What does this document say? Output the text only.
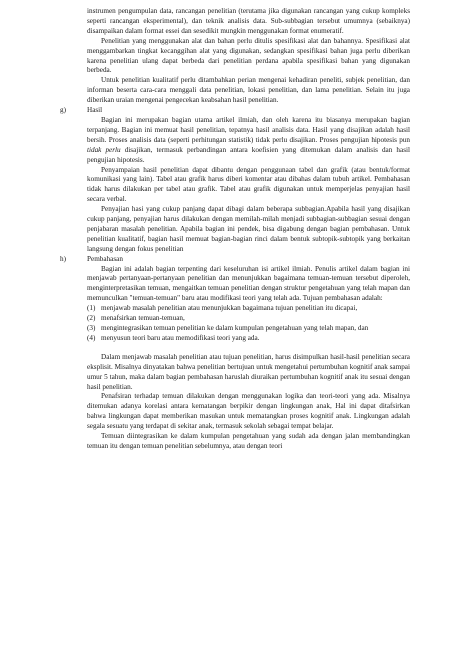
instrumen pengumpulan data, rancangan penelitian (terutama jika digunakan rancangan yang cukup kompleks seperti rancangan eksperimental), dan teknik analisis data. Sub-subbagian tersebut umumnya (sebaiknya) disampaikan dalam format essei dan sesedikit mungkin menggunakan format enumeratif.

Penelitian yang menggunakan alat dan bahan perlu ditulis spesifikasi alat dan bahannya. Spesifikasi alat menggambarkan tingkat kecanggihan alat yang digunakan, sedangkan spesifikasi bahan juga perlu diberikan karena penelitian ulang dapat berbeda dari penelitian perdana apabila spesifikasi bahan yang digunakan berbeda.

Untuk penelitian kualitatif perlu ditambahkan perian mengenai kehadiran peneliti, subjek penelitian, dan informan beserta cara-cara menggali data penelitian, lokasi penelitian, dan lama penelitian. Selain itu juga diberikan uraian mengenai pengecekan keabsahan hasil penelitian.

g)	Hasil

Bagian ini merupakan bagian utama artikel ilmiah, dan oleh karena itu biasanya merupakan bagian terpanjang. Bagian ini memuat hasil penelitian, tepatnya hasil analisis data. Hasil yang disajikan adalah hasil bersih. Proses analisis data (seperti perhitungan statistik) tidak perlu disajikan. Proses pengujian hipotesis pun tidak perlu disajikan, termasuk perbandingan antara koefisien yang ditemukan dalam analisis dan hasil pengujian hipotesis.

Penyampaian hasil penelitian dapat dibantu dengan penggunaan tabel dan grafik (atau bentuk/format komunikasi yang lain). Tabel atau grafik harus diberi komentar atau dibahas dalam tubuh artikel. Pembahasan tidak harus dilakukan per tabel atau grafik. Tabel atau grafik digunakan untuk memperjelas penyajian hasil secara verbal.

Penyajian hasi yang cukup panjang dapat dibagi dalam beberapa subbagian.Apabila hasil yang disajikan cukup panjang, penyajian harus dilakukan dengan memilah-milah menjadi subbagian-subbagian sesuai dengan penjabaran masalah penelitian. Apabila bagian ini pendek, bisa digabung dengan bagian pembahasan. Untuk penelitian kualitatif, bagian hasil memuat bagian-bagian rinci dalam bentuk subtopik-subtopik yang berkaitan langsung dengan fokus penelitian

h)	Pembahasan

Bagian ini adalah bagian terpenting dari keseluruhan isi artikel ilmiah. Penulis artikel dalam bagian ini menjawab pertanyaan-pertanyaan penelitian dan menunjukkan bagaimana temuan-temuan tersebut diperoleh, menginterpretasikan temuan, mengaitkan temuan penelitian dengan struktur pengetahuan yang telah mapan dan memunculkan "temuan-temuan" baru atau modifikasi teori yang telah ada. Tujuan pembahasan adalah:

(1) menjawab masalah penelitian atau menunjukkan bagaimana tujuan penelitian itu dicapai,
(2) menafsirkan temuan-temuan,
(3) mengintegrasikan temuan penelitian ke dalam kumpulan pengetahuan yang telah mapan, dan
(4) menyusun teori baru atau memodifikasi teori yang ada.

Dalam menjawab masalah penelitian atau tujuan penelitian, harus disimpulkan hasil-hasil penelitian secara eksplisit. Misalnya dinyatakan bahwa penelitian bertujuan untuk mengetahui pertumbuhan kognitif anak sampai umur 5 tahun, maka dalam bagian pembahasan haruslah diuraikan pertumbuhan kognitif anak itu sesuai dengan hasil penelitian.

Penafsiran terhadap temuan dilakukan dengan menggunakan logika dan teori-teori yang ada. Misalnya ditemukan adanya korelasi antara kematangan berpikir dengan lingkungan anak, Hal ini dapat ditafsirkan bahwa lingkungan dapat memberikan masukan untuk mematangkan proses kognitif anak. Lingkungan adalah segala sesuatu yang terdapat di sekitar anak, termasuk sekolah sebagai tempat belajar.

Temuan diintegrasikan ke dalam kumpulan pengetahuan yang sudah ada dengan jalan membandingkan temuan itu dengan temuan penelitian sebelumnya, atau dengan teori
